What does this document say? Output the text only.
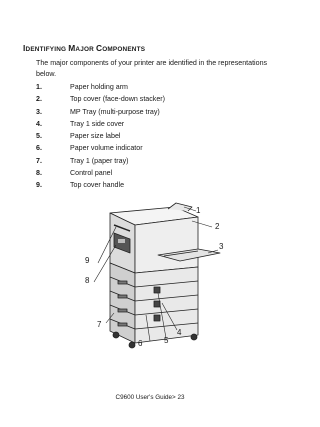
IDENTIFYING MAJOR COMPONENTS
The major components of your printer are identified in the representations below.
1.	Paper holding arm
2.	Top cover (face-down stacker)
3.	MP Tray (multi-purpose tray)
4.	Tray 1 side cover
5.	Paper size label
6.	Paper volume indicator
7.	Tray 1 (paper tray)
8.	Control panel
9.	Top cover handle
1
2
3
4
5
6
7
8
9
C9600 User's Guide> 23
